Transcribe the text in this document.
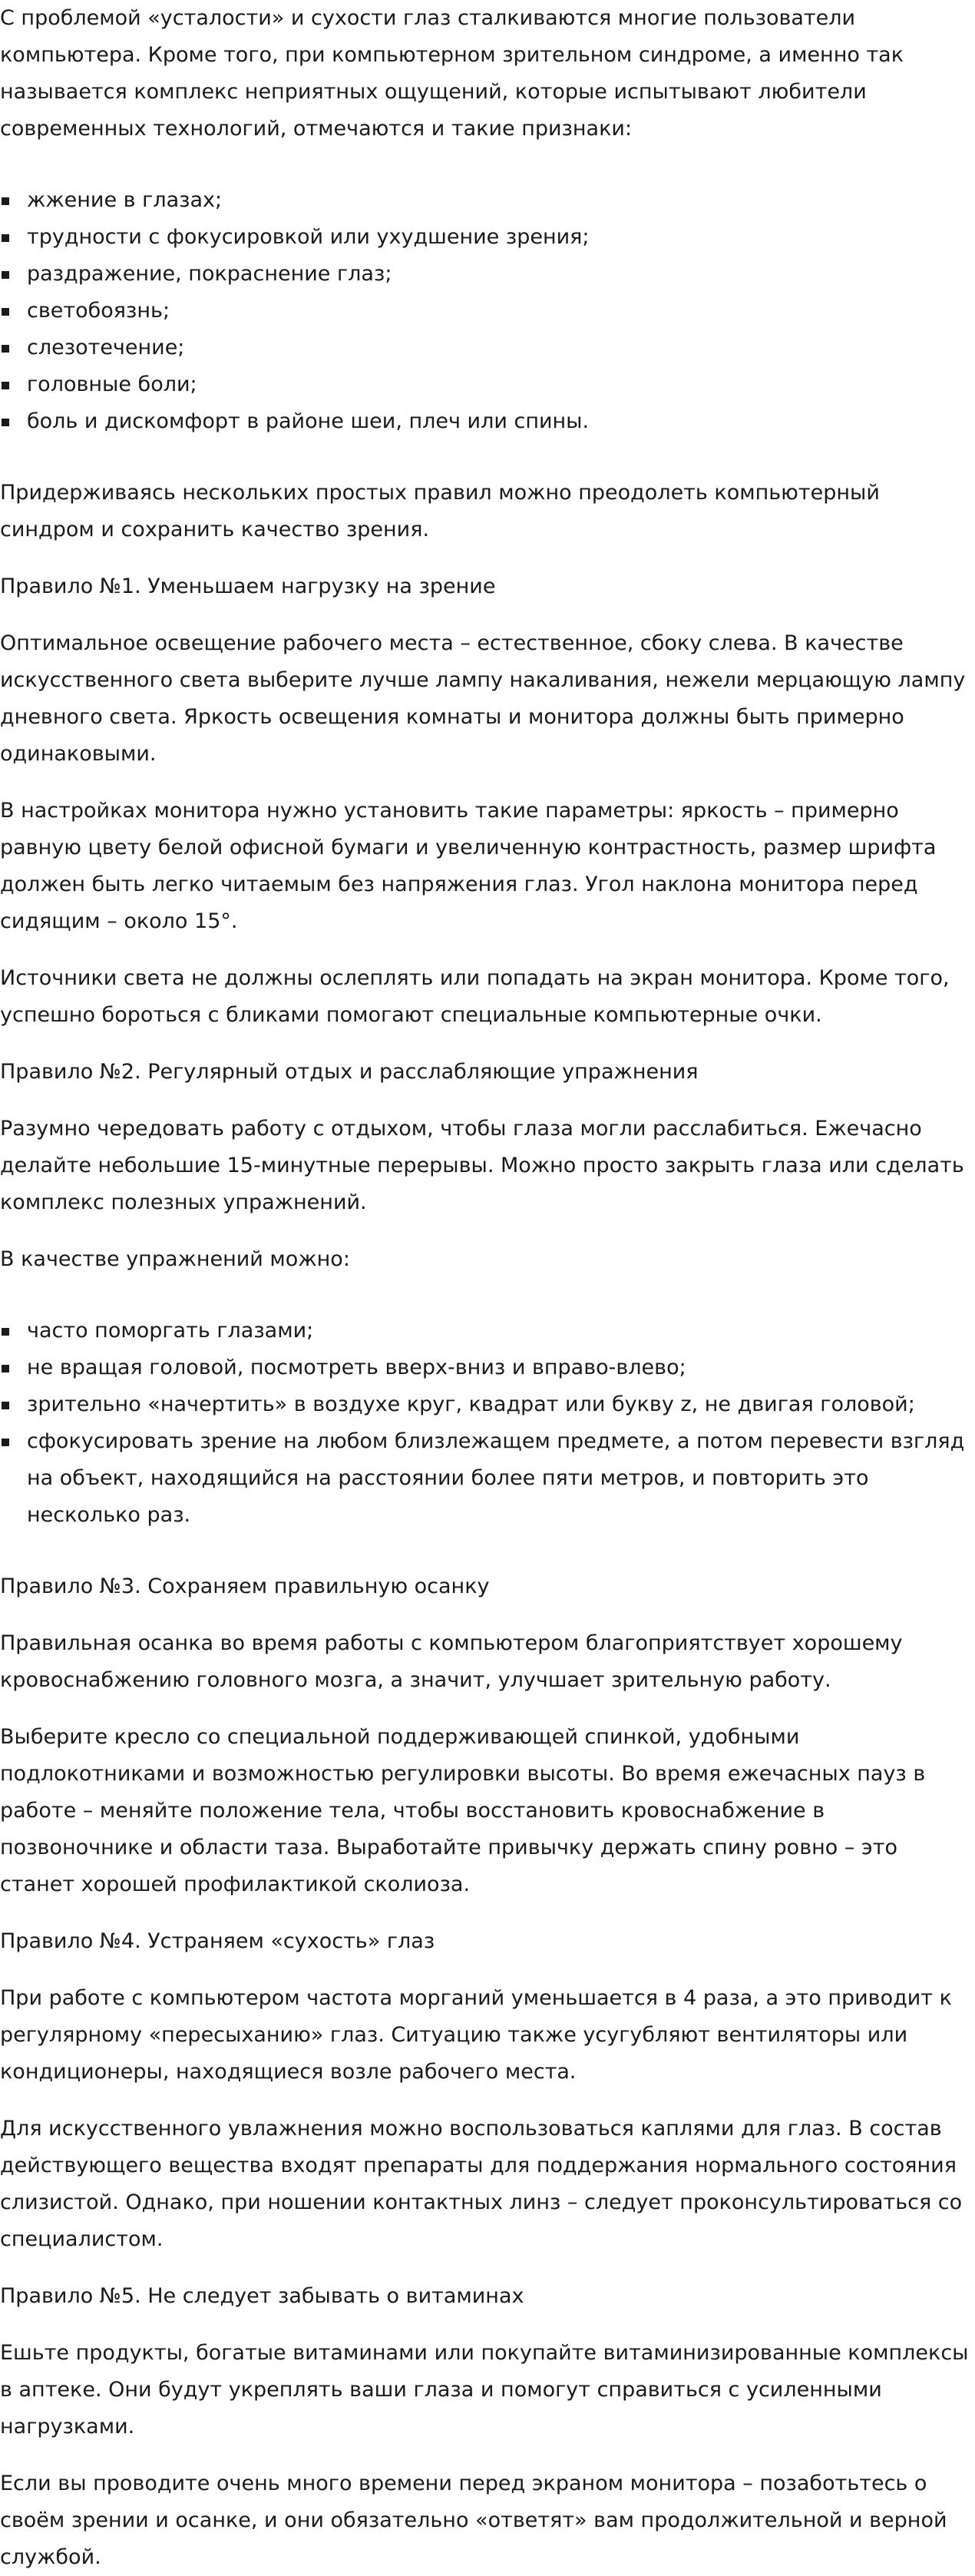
С проблемой «усталости» и сухости глаз сталкиваются многие пользователи компьютера. Кроме того, при компьютерном зрительном синдроме, а именно так называется комплекс неприятных ощущений, которые испытывают любители современных технологий, отмечаются и такие признаки:

жжение в глазах;
трудности с фокусировкой или ухудшение зрения;
раздражение, покраснение глаз;
светобоязнь;
слезотечение;
головные боли;
боль и дискомфорт в районе шеи, плеч или спины.

Придерживаясь нескольких простых правил можно преодолеть компьютерный синдром и сохранить качество зрения.

Правило №1. Уменьшаем нагрузку на зрение

Оптимальное освещение рабочего места – естественное, сбоку слева. В качестве искусственного света выберите лучше лампу накаливания, нежели мерцающую лампу дневного света. Яркость освещения комнаты и монитора должны быть примерно одинаковыми.

В настройках монитора нужно установить такие параметры: яркость – примерно равную цвету белой офисной бумаги и увеличенную контрастность, размер шрифта должен быть легко читаемым без напряжения глаз. Угол наклона монитора перед сидящим – около 15°.

Источники света не должны ослеплять или попадать на экран монитора. Кроме того, успешно бороться с бликами помогают специальные компьютерные очки.

Правило №2. Регулярный отдых и расслабляющие упражнения

Разумно чередовать работу с отдыхом, чтобы глаза могли расслабиться. Ежечасно делайте небольшие 15-минутные перерывы. Можно просто закрыть глаза или сделать комплекс полезных упражнений.

В качестве упражнений можно:

часто поморгать глазами;
не вращая головой, посмотреть вверх-вниз и вправо-влево;
зрительно «начертить» в воздухе круг, квадрат или букву z, не двигая головой;
сфокусировать зрение на любом близлежащем предмете, а потом перевести взгляд на объект, находящийся на расстоянии более пяти метров, и повторить это несколько раз.

Правило №3. Сохраняем правильную осанку

Правильная осанка во время работы с компьютером благоприятствует хорошему кровоснабжению головного мозга, а значит, улучшает зрительную работу.

Выберите кресло со специальной поддерживающей спинкой, удобными подлокотниками и возможностью регулировки высоты. Во время ежечасных пауз в работе – меняйте положение тела, чтобы восстановить кровоснабжение в позвоночнике и области таза. Выработайте привычку держать спину ровно – это станет хорошей профилактикой сколиоза.

Правило №4. Устраняем «сухость» глаз

При работе с компьютером частота морганий уменьшается в 4 раза, а это приводит к регулярному «пересыханию» глаз. Ситуацию также усугубляют вентиляторы или кондиционеры, находящиеся возле рабочего места.

Для искусственного увлажнения можно воспользоваться каплями для глаз. В состав действующего вещества входят препараты для поддержания нормального состояния слизистой. Однако, при ношении контактных линз – следует проконсультироваться со специалистом.

Правило №5. Не следует забывать о витаминах

Ешьте продукты, богатые витаминами или покупайте витаминизированные комплексы в аптеке. Они будут укреплять ваши глаза и помогут справиться с усиленными нагрузками.

Если вы проводите очень много времени перед экраном монитора – позаботьтесь о своём зрении и осанке, и они обязательно «ответят» вам продолжительной и верной службой.
